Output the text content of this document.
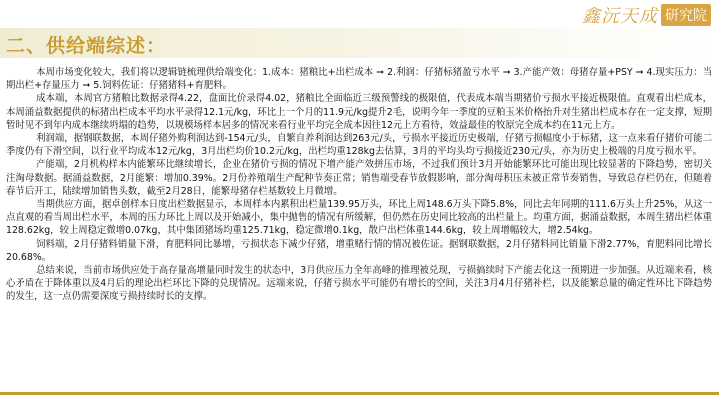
二、供给端综述：
鑫沅天成 研究院

本周市场变化较大，我们将以逻辑链梳理供给端变化：1.成本：猪粮比+出栏成本 ➞ 2.利润：仔猪标猪盈亏水平 ➞ 3.产能产效：母猪存量+PSY ➞ 4.现实压力：当期出栏+存量压力 ➞ 5.饲料佐证：仔猪猪料+育肥料。

成本端，本周官方猪粮比数据录得4.22，盘面比价录得4.02，猪粮比全面临近三级预警线的极限值，代表成本端当期猪价亏损水平接近极限值。直观看出栏成本，本周涌益数据提供的标猪出栏成本平均水平录得12.1元/kg，环比上一个月的11.9元/kg提升2毛，说明今年一季度的豆粕玉米价格抬升对生猪出栏成本存在一定支撑，短期暂时见不到年内成本继续坍塌的趋势，以规模场样本居多的情况来看行业平均完全成本因往12元上方看待，效益最佳的牧原完全成本约在11元上方。

利润端，据钢联数据，本周仔猪外购利润达到-154元/头，自繁自养利润达到263元/头，亏损水平接近历史极端，仔猪亏损幅度小于标猪，这一点来看仔猪价可能二季度仍有下滑空间，以行业平均成本12元/kg，3月出栏均价10.2元/kg，出栏均重128kg去估算，3月的平均头均亏损接近230元/头，亦为历史上极端的月度亏损水平。

产能端，2月机构样本内能繁环比继续增长，企业在猪价亏损的情况下增产能产效拼压市场，不过我们预计3月开始能繁环比可能出现比较显著的下降趋势，密切关注淘母数据。据涌益数据，2月能繁：增加0.39%。2月份养殖端生产配种节奏正常；销售端受春节放假影响，部分淘母积压未被正常节奏销售，导致总存栏仍在，但随着春节后开工，陆续增加销售头数，截至2月28日，能繁母猪存栏基数较上月微增。

当期供应方面，据卓创样本日度出栏数据显示，本周样本内累积出栏量139.95万头，环比上周148.6万头下降5.8%，同比去年同期的111.6万头上升25%，从这一点直观的看当周出栏水平，本周的压力环比上周以及开始减小，集中抛售的情况有所缓解，但仍然在历史同比较高的出栏量上。均重方面，据涌益数据，本周生猪出栏体重128.62kg，较上周稳定微增0.07kg，其中集团猪场均重125.71kg，稳定微增0.1kg，散户出栏体重144.6kg，较上周增幅较大，增2.54kg。

饲料端，2月仔猪料销量下滑，育肥料同比暴增，亏损状态下减少仔猪，增重赌行情的情况被佐证。据钢联数据，2月仔猪料同比销量下滑2.77%，育肥料同比增长20.68%。

总结来说，当前市场供应处于高存量高增量同时发生的状态中，3月供应压力全年高峰的推理被兑现，亏损搞续时下产能去化这一预期进一步加强。从近端来看，核心矛盾在于降体重以及4月后的理论出栏环比下降的兑现情况。远端来说，仔猪亏损水平可能仍有增长的空间，关注3月4月仔猪补栏，以及能繁总量的确定性环比下降趋势的发生，这一点仍需要深度亏损持续时长的支撑。
